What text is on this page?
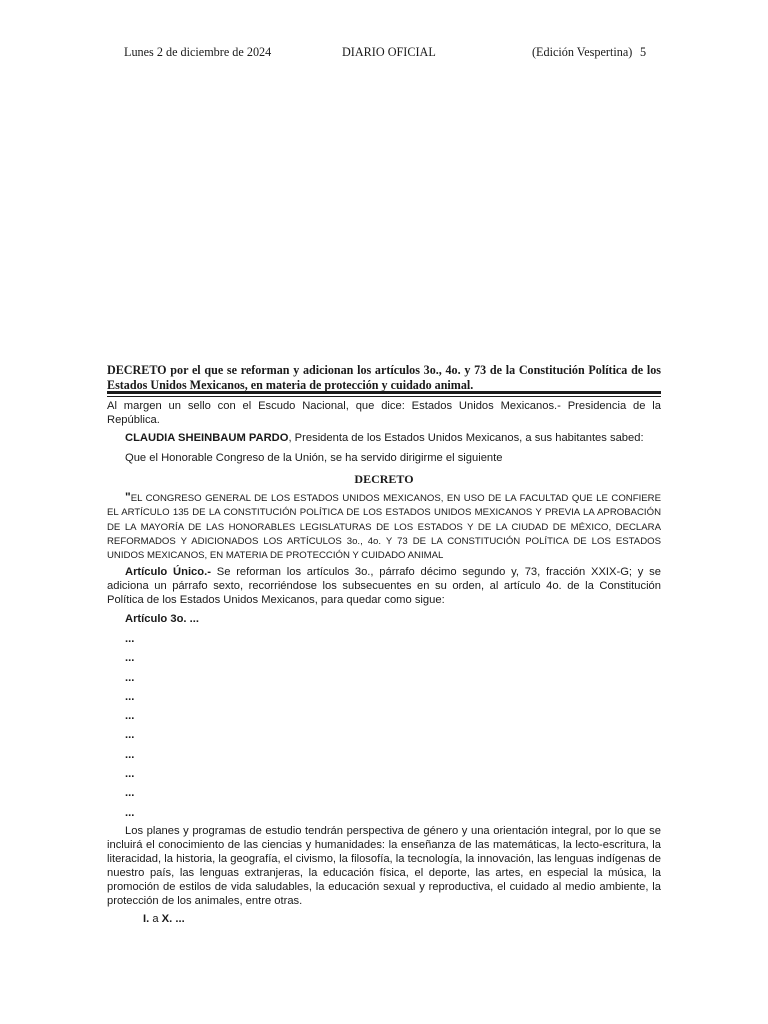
Lunes 2 de diciembre de 2024	DIARIO OFICIAL	(Edición Vespertina) 5

DECRETO por el que se reforman y adicionan los artículos 3o., 4o. y 73 de la Constitución Política de los Estados Unidos Mexicanos, en materia de protección y cuidado animal.

Al margen un sello con el Escudo Nacional, que dice: Estados Unidos Mexicanos.- Presidencia de la República.

CLAUDIA SHEINBAUM PARDO, Presidenta de los Estados Unidos Mexicanos, a sus habitantes sabed:

Que el Honorable Congreso de la Unión, se ha servido dirigirme el siguiente

DECRETO

"EL CONGRESO GENERAL DE LOS ESTADOS UNIDOS MEXICANOS, EN USO DE LA FACULTAD QUE LE CONFIERE EL ARTÍCULO 135 DE LA CONSTITUCIÓN POLÍTICA DE LOS ESTADOS UNIDOS MEXICANOS Y PREVIA LA APROBACIÓN DE LA MAYORÍA DE LAS HONORABLES LEGISLATURAS DE LOS ESTADOS Y DE LA CIUDAD DE MÉXICO, DECLARA REFORMADOS Y ADICIONADOS LOS ARTÍCULOS 3o., 4o. Y 73 DE LA CONSTITUCIÓN POLÍTICA DE LOS ESTADOS UNIDOS MEXICANOS, EN MATERIA DE PROTECCIÓN Y CUIDADO ANIMAL

Artículo Único.- Se reforman los artículos 3o., párrafo décimo segundo y, 73, fracción XXIX-G; y se adiciona un párrafo sexto, recorriéndose los subsecuentes en su orden, al artículo 4o. de la Constitución Política de los Estados Unidos Mexicanos, para quedar como sigue:

Artículo 3o. ...

...
...
...
...
...
...
...
...
...
...

Los planes y programas de estudio tendrán perspectiva de género y una orientación integral, por lo que se incluirá el conocimiento de las ciencias y humanidades: la enseñanza de las matemáticas, la lecto-escritura, la literacidad, la historia, la geografía, el civismo, la filosofía, la tecnología, la innovación, las lenguas indígenas de nuestro país, las lenguas extranjeras, la educación física, el deporte, las artes, en especial la música, la promoción de estilos de vida saludables, la educación sexual y reproductiva, el cuidado al medio ambiente, la protección de los animales, entre otras.

I. a X. ...
